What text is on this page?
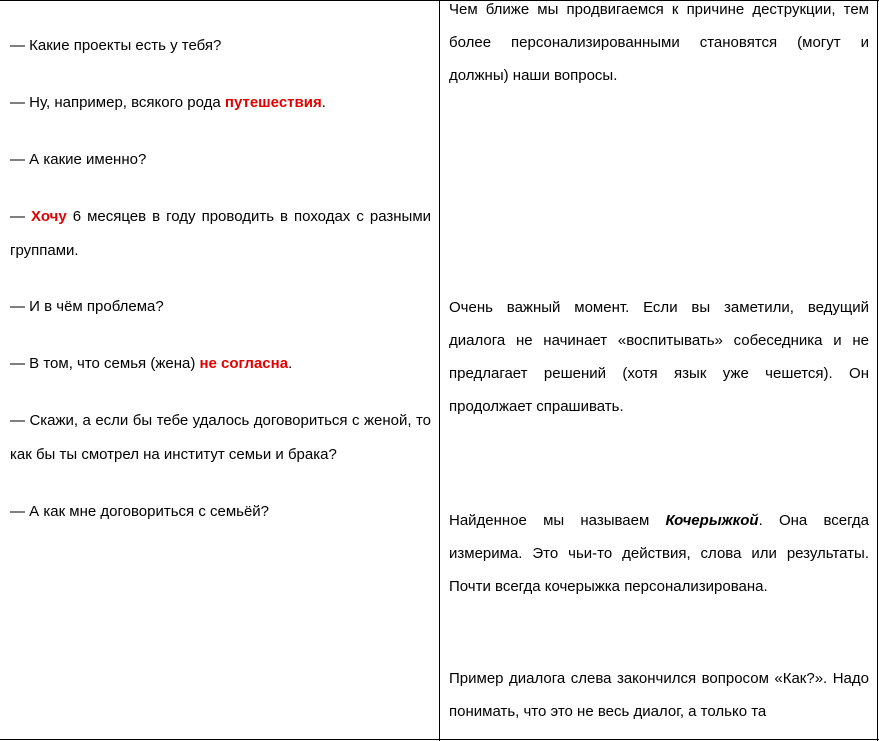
— Какие проекты есть у тебя?

— Ну, например, всякого рода путешествия.

— А какие именно?

— Хочу 6 месяцев в году проводить в походах с разными группами.

— И в чём проблема?

— В том, что семья (жена) не согласна.

— Скажи, а если бы тебе удалось договориться с женой, то как бы ты смотрел на институт семьи и брака?

— А как мне договориться с семьёй?

Чем ближе мы продвигаемся к причине деструкции, тем более персонализированными становятся (могут и должны) наши вопросы.

Очень важный момент. Если вы заметили, ведущий диалога не начинает «воспитывать» собеседника и не предлагает решений (хотя язык уже чешется). Он продолжает спрашивать.

Найденное мы называем Кочерыжкой. Она всегда измерима. Это чьи-то действия, слова или результаты. Почти всегда кочерыжка персонализирована.

Пример диалога слева закончился вопросом «Как?». Надо понимать, что это не весь диалог, а только та
